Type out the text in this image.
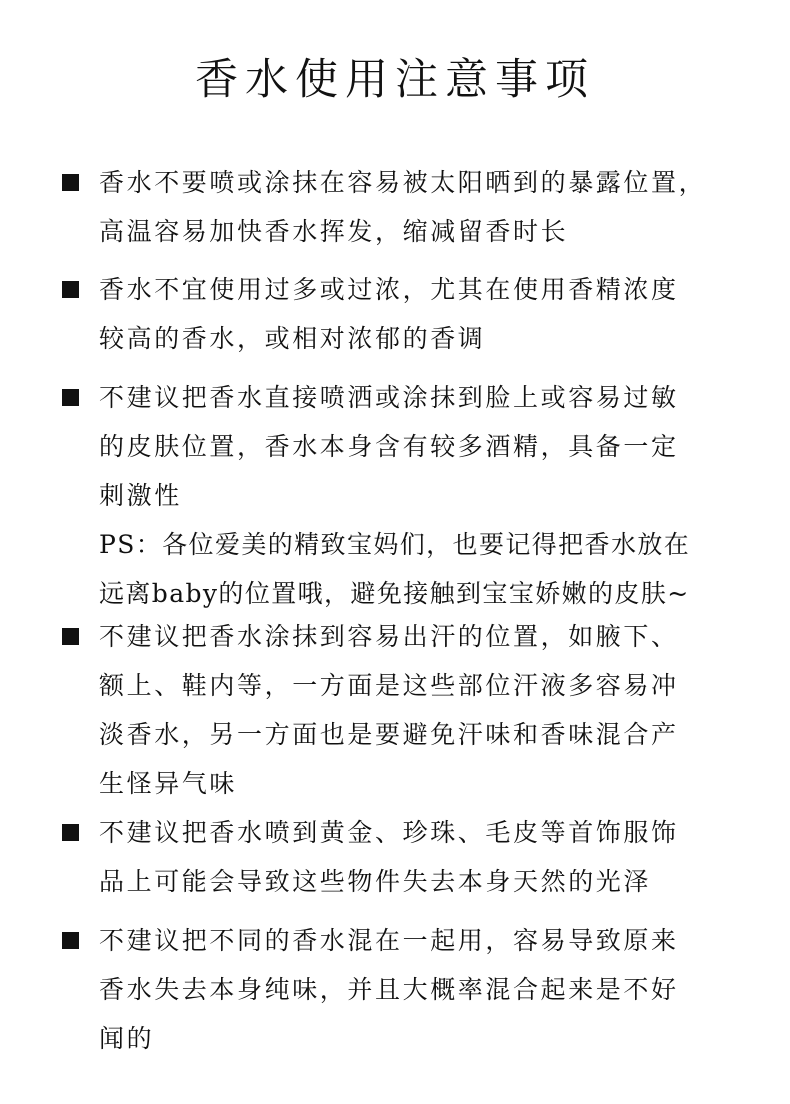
香水使用注意事项
香水不要喷或涂抹在容易被太阳晒到的暴露位置，
高温容易加快香水挥发，缩减留香时长
香水不宜使用过多或过浓，尤其在使用香精浓度
较高的香水，或相对浓郁的香调
不建议把香水直接喷洒或涂抹到脸上或容易过敏
的皮肤位置，香水本身含有较多酒精，具备一定
刺激性
PS：各位爱美的精致宝妈们，也要记得把香水放在
远离baby的位置哦，避免接触到宝宝娇嫩的皮肤~
不建议把香水涂抹到容易出汗的位置，如腋下、
额上、鞋内等，一方面是这些部位汗液多容易冲
淡香水，另一方面也是要避免汗味和香味混合产
生怪异气味
不建议把香水喷到黄金、珍珠、毛皮等首饰服饰
品上可能会导致这些物件失去本身天然的光泽
不建议把不同的香水混在一起用，容易导致原来
香水失去本身纯味，并且大概率混合起来是不好
闻的
